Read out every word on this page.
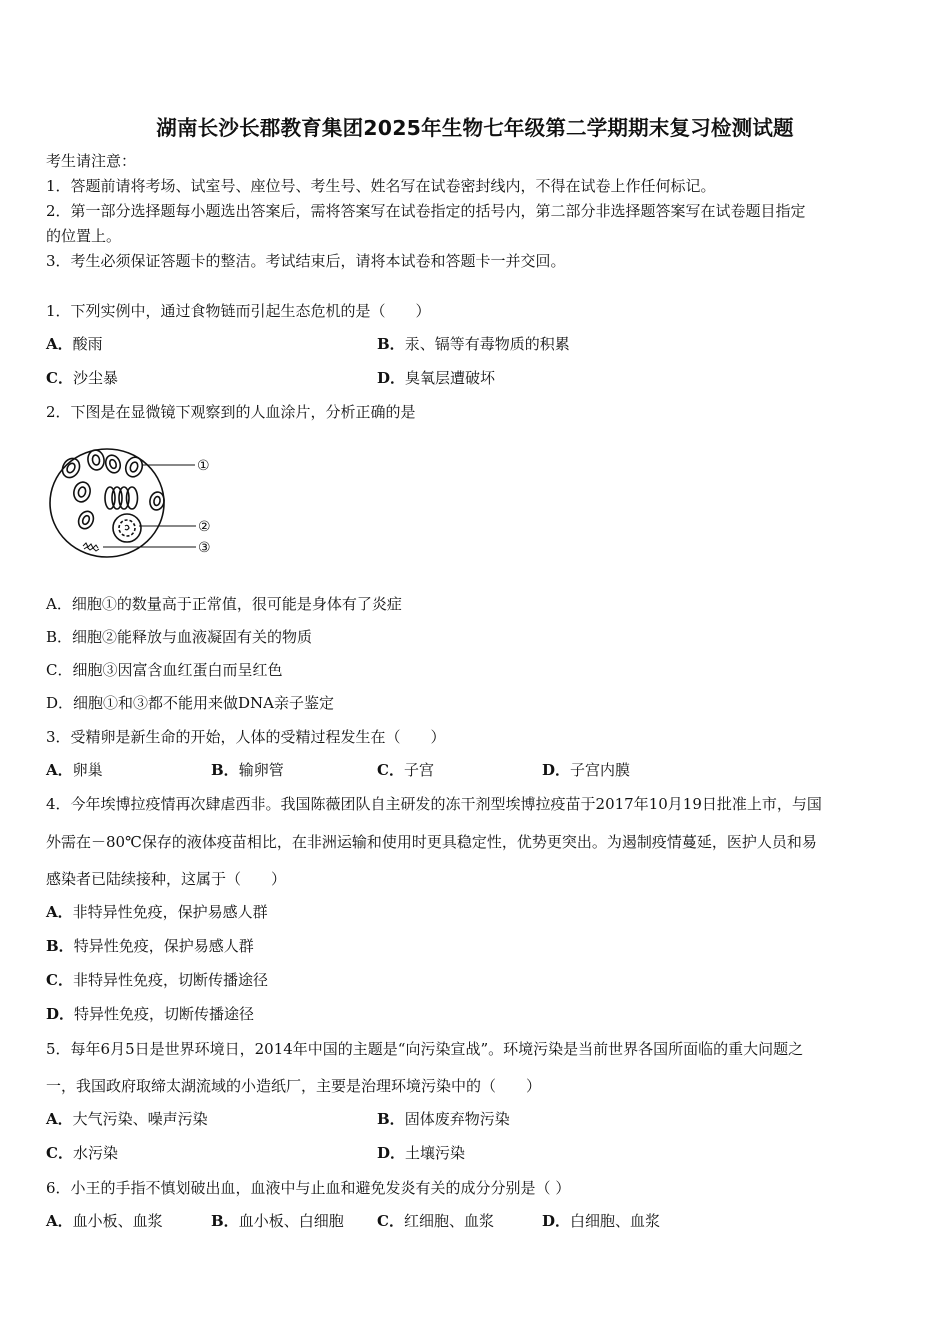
湖南长沙长郡教育集团2025年生物七年级第二学期期末复习检测试题
考生请注意：
1．答题前请将考场、试室号、座位号、考生号、姓名写在试卷密封线内，不得在试卷上作任何标记。
2．第一部分选择题每小题选出答案后，需将答案写在试卷指定的括号内，第二部分非选择题答案写在试卷题目指定
的位置上。
3．考生必须保证答题卡的整洁。考试结束后，请将本试卷和答题卡一并交回。
1．下列实例中，通过食物链而引起生态危机的是（　　）
A．酸雨	B．汞、镉等有毒物质的积累
C．沙尘暴	D．臭氧层遭破坏
2．下图是在显微镜下观察到的人血涂片，分析正确的是
①
②
③
A．细胞①的数量高于正常值，很可能是身体有了炎症
B．细胞②能释放与血液凝固有关的物质
C．细胞③因富含血红蛋白而呈红色
D．细胞①和③都不能用来做DNA亲子鉴定
3．受精卵是新生命的开始，人体的受精过程发生在（　　）
A．卵巢	B．输卵管	C．子宫	D．子宫内膜
4．今年埃博拉疫情再次肆虐西非。我国陈薇团队自主研发的冻干剂型埃博拉疫苗于2017年10月19日批准上市，与国
外需在－80℃保存的液体疫苗相比，在非洲运输和使用时更具稳定性，优势更突出。为遏制疫情蔓延，医护人员和易
感染者已陆续接种，这属于（　　）
A．非特异性免疫，保护易感人群
B．特异性免疫，保护易感人群
C．非特异性免疫，切断传播途径
D．特异性免疫，切断传播途径
5．每年6月5日是世界环境日，2014年中国的主题是“向污染宣战”。环境污染是当前世界各国所面临的重大问题之
一，我国政府取缔太湖流域的小造纸厂，主要是治理环境污染中的（　　）
A．大气污染、噪声污染	B．固体废弃物污染
C．水污染	D．土壤污染
6．小王的手指不慎划破出血，血液中与止血和避免发炎有关的成分分别是（ ）
A．血小板、血浆	B．血小板、白细胞 C．红细胞、血浆	D．白细胞、血浆
